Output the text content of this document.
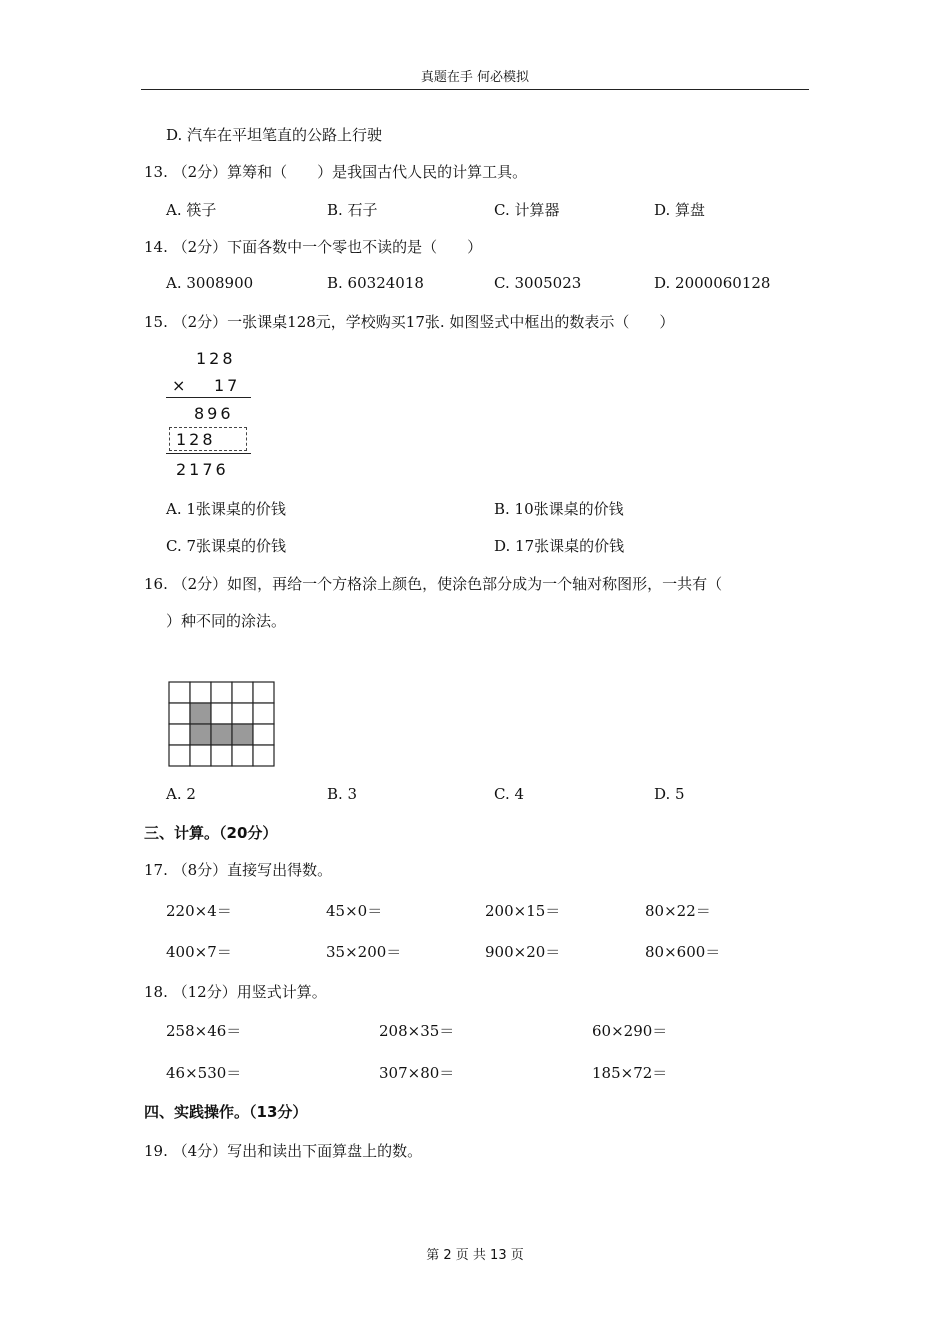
真题在手 何必模拟
D. 汽车在平坦笔直的公路上行驶
13. （2分）算筹和（　　）是我国古代人民的计算工具。
A. 筷子	B. 石子	C. 计算器	D. 算盘
14. （2分）下面各数中一个零也不读的是（　　）
A. 3008900	B. 60324018	C. 3005023	D. 2000060128
15. （2分）一张课桌128元，学校购买17张. 如图竖式中框出的数表示（　　）
128
× 17
896
128
2176
A. 1张课桌的价钱	B. 10张课桌的价钱
C. 7张课桌的价钱	D. 17张课桌的价钱
16. （2分）如图，再给一个方格涂上颜色，使涂色部分成为一个轴对称图形，一共有（
）种不同的涂法。
A. 2	B. 3	C. 4	D. 5
三、计算。（20分）
17. （8分）直接写出得数。
220×4＝	45×0＝	200×15＝	80×22＝
400×7＝	35×200＝	900×20＝	80×600＝
18. （12分）用竖式计算。
258×46＝	208×35＝	60×290＝
46×530＝	307×80＝	185×72＝
四、实践操作。（13分）
19. （4分）写出和读出下面算盘上的数。
第 2 页 共 13 页
